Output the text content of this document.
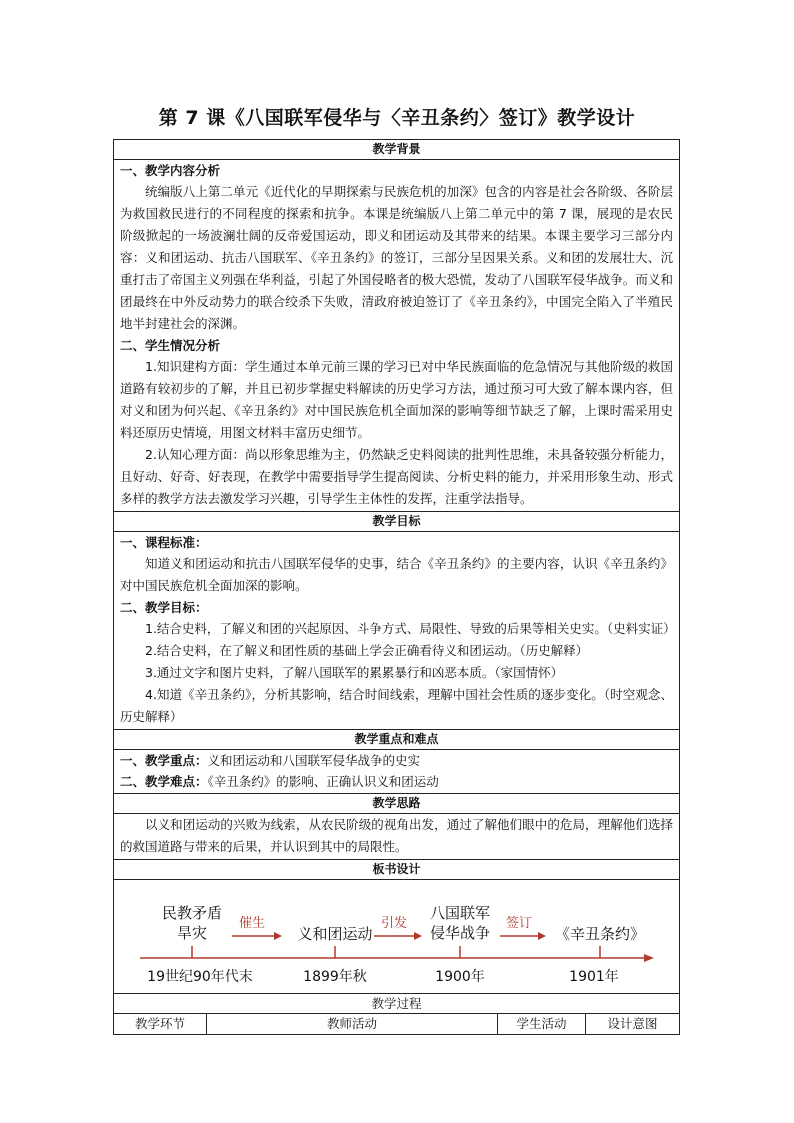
第 7 课《八国联军侵华与〈辛丑条约〉签订》教学设计
教学背景
一、教学内容分析
统编版八上第二单元《近代化的早期探索与民族危机的加深》包含的内容是社会各阶级、各阶层为救国救民进行的不同程度的探索和抗争。本课是统编版八上第二单元中的第 7 课，展现的是农民阶级掀起的一场波澜壮阔的反帝爱国运动，即义和团运动及其带来的结果。本课主要学习三部分内容：义和团运动、抗击八国联军、《辛丑条约》的签订，三部分呈因果关系。义和团的发展壮大、沉重打击了帝国主义列强在华利益，引起了外国侵略者的极大恐慌，发动了八国联军侵华战争。而义和团最终在中外反动势力的联合绞杀下失败，清政府被迫签订了《辛丑条约》，中国完全陷入了半殖民地半封建社会的深渊。
二、学生情况分析
1.知识建构方面：学生通过本单元前三课的学习已对中华民族面临的危急情况与其他阶级的救国道路有较初步的了解，并且已初步掌握史料解读的历史学习方法，通过预习可大致了解本课内容，但对义和团为何兴起、《辛丑条约》对中国民族危机全面加深的影响等细节缺乏了解，上课时需采用史料还原历史情境，用图文材料丰富历史细节。
2.认知心理方面：尚以形象思维为主，仍然缺乏史料阅读的批判性思维，未具备较强分析能力，且好动、好奇、好表现，在教学中需要指导学生提高阅读、分析史料的能力，并采用形象生动、形式多样的教学方法去激发学习兴趣，引导学生主体性的发挥，注重学法指导。
教学目标
一、课程标准：
知道义和团运动和抗击八国联军侵华的史事，结合《辛丑条约》的主要内容，认识《辛丑条约》对中国民族危机全面加深的影响。
二、教学目标：
1.结合史料，了解义和团的兴起原因、斗争方式、局限性、导致的后果等相关史实。（史料实证）
2.结合史料，在了解义和团性质的基础上学会正确看待义和团运动。（历史解释）
3.通过文字和图片史料，了解八国联军的累累暴行和凶恶本质。（家国情怀）
4.知道《辛丑条约》，分析其影响，结合时间线索，理解中国社会性质的逐步变化。（时空观念、历史解释）
教学重点和难点
一、教学重点：义和团运动和八国联军侵华战争的史实
二、教学难点：《辛丑条约》的影响、正确认识义和团运动
教学思路
以义和团运动的兴败为线索，从农民阶级的视角出发，通过了解他们眼中的危局，理解他们选择的救国道路与带来的后果，并认识到其中的局限性。
板书设计
民教矛盾
旱灾
催生
义和团运动
引发
八国联军
侵华战争
签订
《辛丑条约》
19世纪90年代末	1899年秋	1900年	1901年
教学过程
教学环节	教师活动	学生活动	设计意图
